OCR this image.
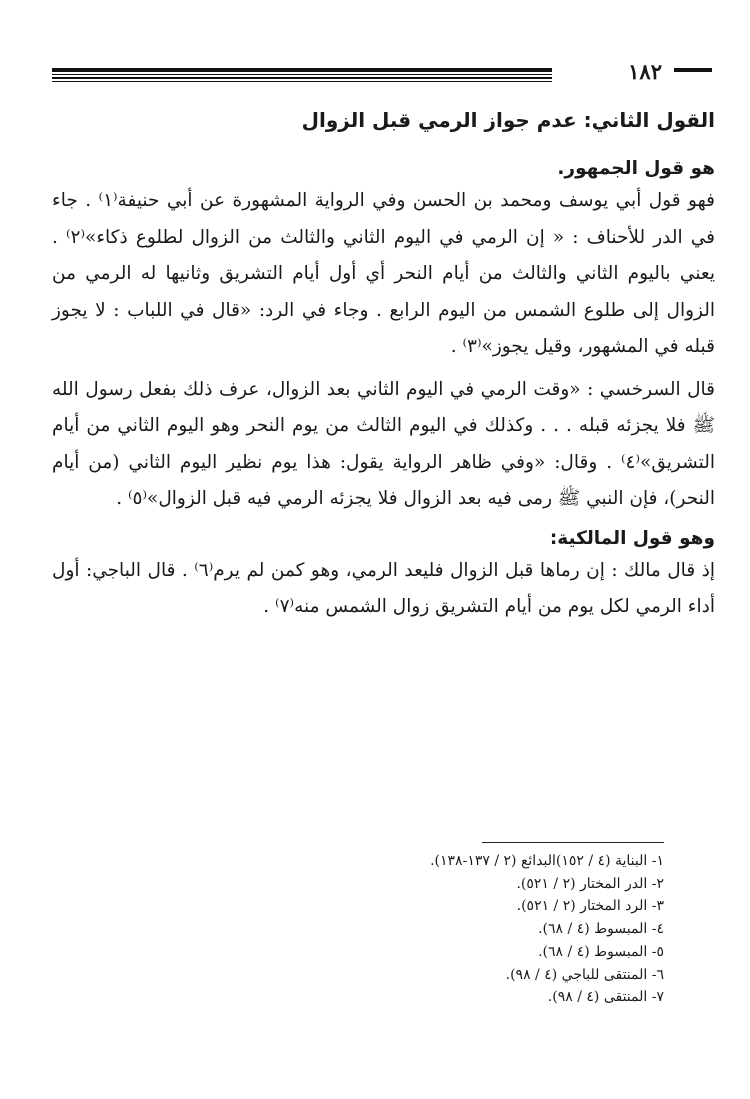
١٨٢
القول الثاني: عدم جواز الرمي قبل الزوال
هو قول الجمهور.

فهو قول أبي يوسف ومحمد بن الحسن وفي الرواية المشهورة عن أبي حنيفة⁽١⁾ . جاء في الدر للأحناف : « إن الرمي في اليوم الثاني والثالث من الزوال لطلوع ذكاء»⁽٢⁾ . يعني باليوم الثاني والثالث من أيام النحر أي أول أيام التشريق وثانيها له الرمي من الزوال إلى طلوع الشمس من اليوم الرابع . وجاء في الرد: «قال في اللباب : لا يجوز قبله في المشهور، وقيل يجوز»⁽٣⁾ .

قال السرخسي : «وقت الرمي في اليوم الثاني بعد الزوال، عرف ذلك بفعل رسول الله ﷺ فلا يجزئه قبله . . . وكذلك في اليوم الثالث من يوم النحر وهو اليوم الثاني من أيام التشريق»⁽٤⁾ . وقال: «وفي ظاهر الرواية يقول: هذا يوم نظير اليوم الثاني (من أيام النحر)، فإن النبي ﷺ رمى فيه بعد الزوال فلا يجزئه الرمي فيه قبل الزوال»⁽٥⁾ .

وهو قول المالكية:

إذ قال مالك : إن رماها قبل الزوال فليعد الرمي، وهو كمن لم يرم⁽٦⁾ . قال الباجي: أول أداء الرمي لكل يوم من أيام التشريق زوال الشمس منه⁽٧⁾ .

١- البناية (٤ / ١٥٢)البدائع (٢ / ١٣٧-١٣٨).
٢- الدر المختار (٢ / ٥٢١).
٣- الرد المختار (٢ / ٥٢١).
٤- المبسوط (٤ / ٦٨).
٥- المبسوط (٤ / ٦٨).
٦- المنتقى للباجي (٤ / ٩٨).
٧- المنتقى (٤ / ٩٨).
